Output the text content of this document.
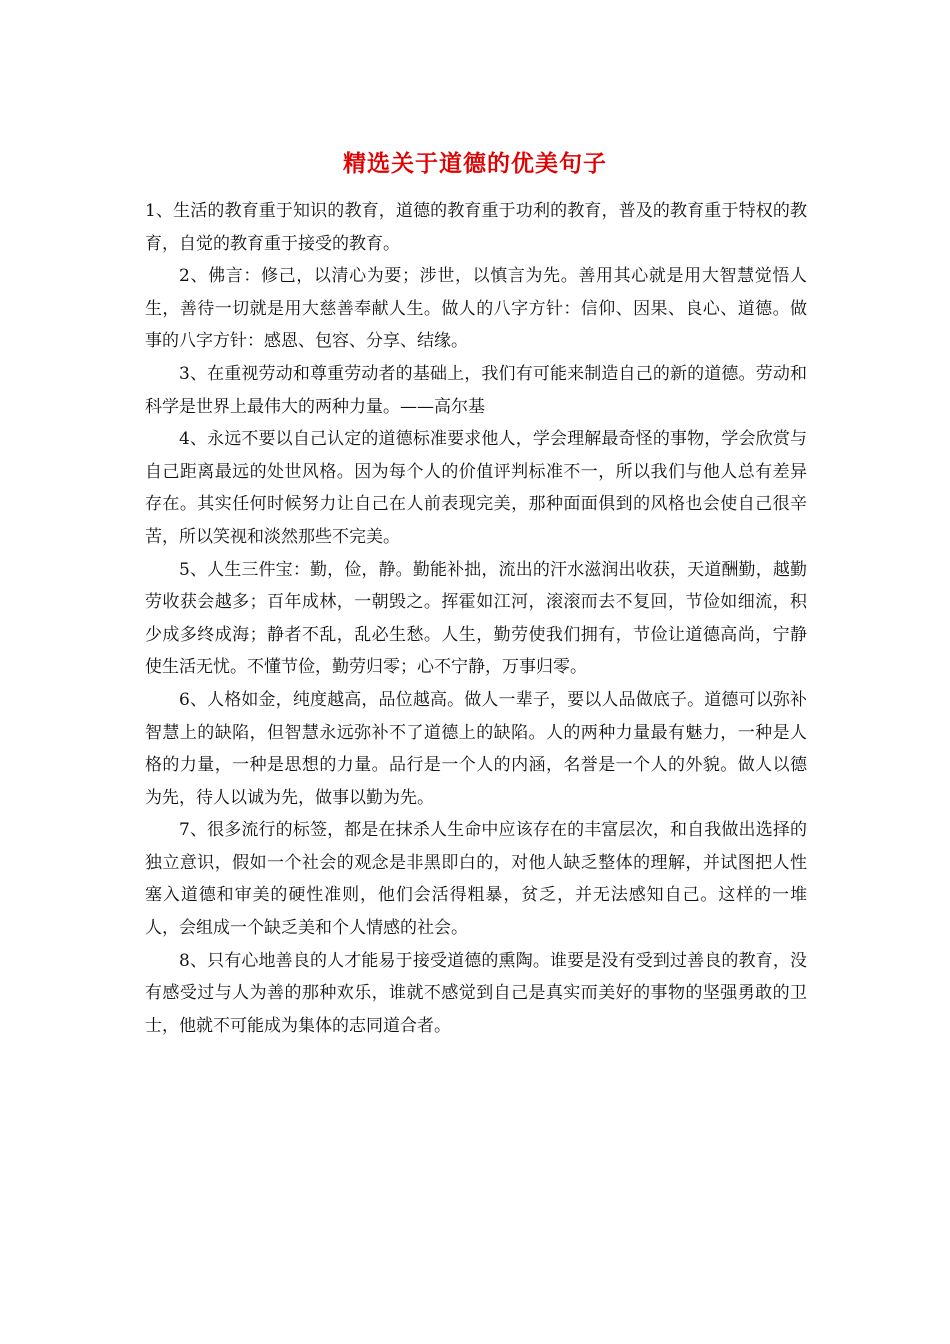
精选关于道德的优美句子

1、生活的教育重于知识的教育，道德的教育重于功利的教育，普及的教育重于特权的教育，自觉的教育重于接受的教育。

2、佛言：修己，以清心为要；涉世，以慎言为先。善用其心就是用大智慧觉悟人生，善待一切就是用大慈善奉献人生。做人的八字方针：信仰、因果、良心、道德。做事的八字方针：感恩、包容、分享、结缘。

3、在重视劳动和尊重劳动者的基础上，我们有可能来制造自己的新的道德。劳动和科学是世界上最伟大的两种力量。——高尔基

4、永远不要以自己认定的道德标准要求他人，学会理解最奇怪的事物，学会欣赏与自己距离最远的处世风格。因为每个人的价值评判标准不一，所以我们与他人总有差异存在。其实任何时候努力让自己在人前表现完美，那种面面俱到的风格也会使自己很辛苦，所以笑视和淡然那些不完美。

5、人生三件宝：勤，俭，静。勤能补拙，流出的汗水滋润出收获，天道酬勤，越勤劳收获会越多；百年成林，一朝毁之。挥霍如江河，滚滚而去不复回，节俭如细流，积少成多终成海；静者不乱，乱必生愁。人生，勤劳使我们拥有，节俭让道德高尚，宁静使生活无忧。不懂节俭，勤劳归零；心不宁静，万事归零。

6、人格如金，纯度越高，品位越高。做人一辈子，要以人品做底子。道德可以弥补智慧上的缺陷，但智慧永远弥补不了道德上的缺陷。人的两种力量最有魅力，一种是人格的力量，一种是思想的力量。品行是一个人的内涵，名誉是一个人的外貌。做人以德为先，待人以诚为先，做事以勤为先。

7、很多流行的标签，都是在抹杀人生命中应该存在的丰富层次，和自我做出选择的独立意识，假如一个社会的观念是非黑即白的，对他人缺乏整体的理解，并试图把人性塞入道德和审美的硬性准则，他们会活得粗暴，贫乏，并无法感知自己。这样的一堆人，会组成一个缺乏美和个人情感的社会。

8、只有心地善良的人才能易于接受道德的熏陶。谁要是没有受到过善良的教育，没有感受过与人为善的那种欢乐，谁就不感觉到自己是真实而美好的事物的坚强勇敢的卫士，他就不可能成为集体的志同道合者。
